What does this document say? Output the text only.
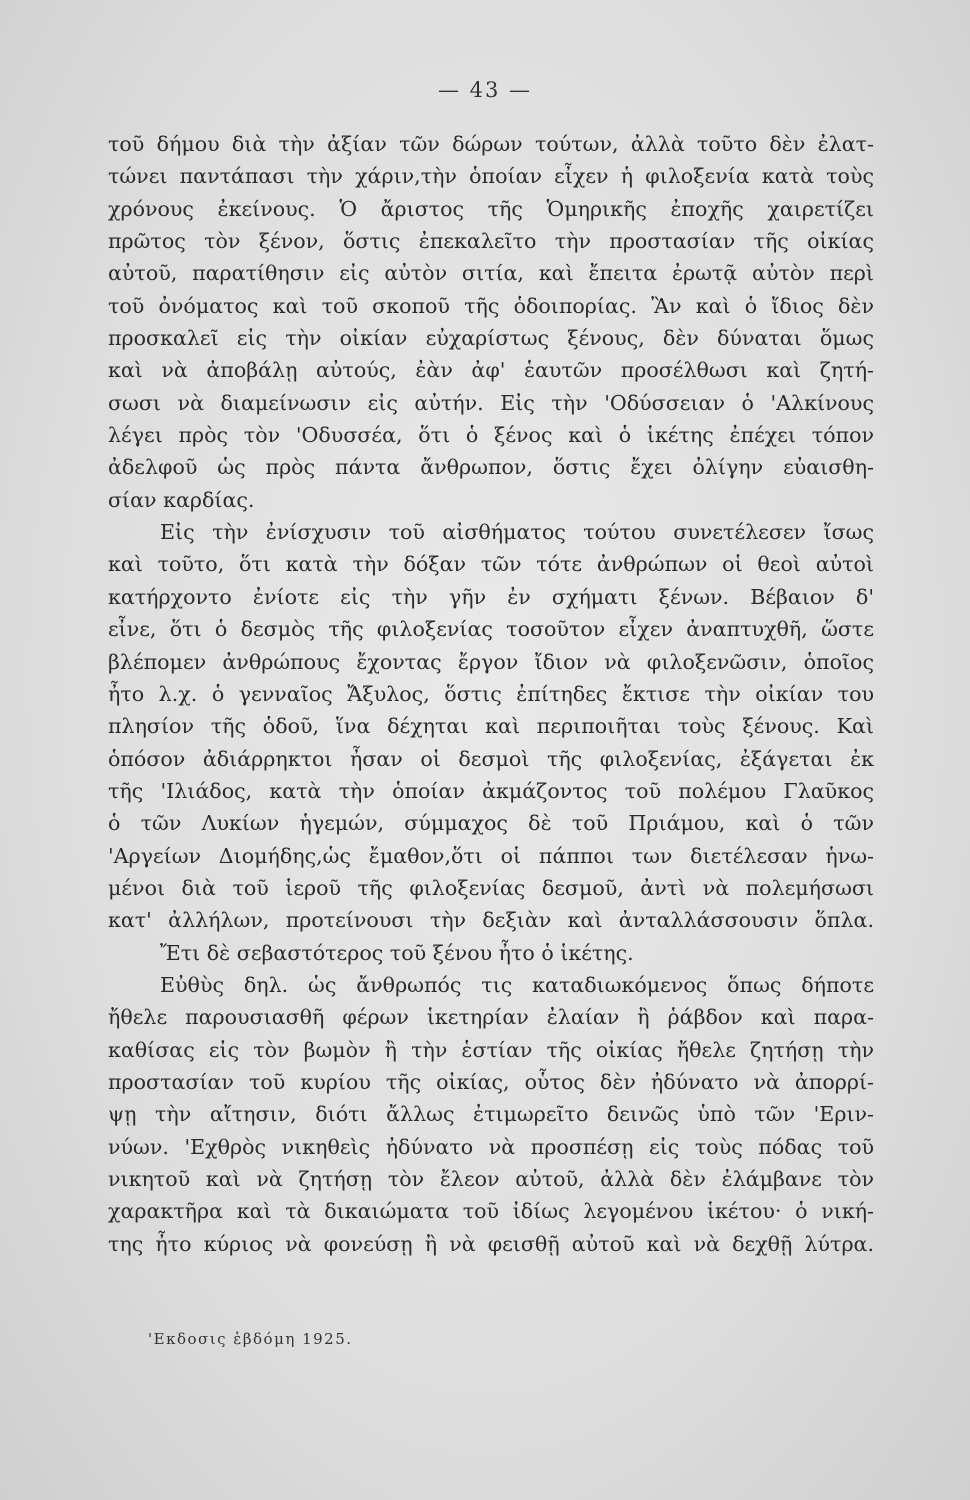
— 43 —
τοῦ δήμου διὰ τὴν ἀξίαν τῶν δώρων τούτων, ἀλλὰ τοῦτο δὲν ἐλατ-
τώνει παντάπασι τὴν χάριν,τὴν ὁποίαν εἶχεν ἡ φιλοξενία κατὰ τοὺς
χρόνους ἐκείνους. Ὁ ἄριστος τῆς Ὁμηρικῆς ἐποχῆς χαιρετίζει
πρῶτος τὸν ξένον, ὅστις ἐπεκαλεῖτο τὴν προστασίαν τῆς οἰκίας
αὐτοῦ, παρατίθησιν εἰς αὐτὸν σιτία, καὶ ἔπειτα ἐρωτᾷ αὐτὸν περὶ
τοῦ ὀνόματος καὶ τοῦ σκοποῦ τῆς ὁδοιπορίας. Ἂν καὶ ὁ ἴδιος δὲν
προσκαλεῖ εἰς τὴν οἰκίαν εὐχαρίστως ξένους, δὲν δύναται ὅμως
καὶ νὰ ἀποβάλῃ αὐτούς, ἐὰν ἀφ' ἑαυτῶν προσέλθωσι καὶ ζητή-
σωσι νὰ διαμείνωσιν εἰς αὐτήν. Εἰς τὴν 'Οδύσσειαν ὁ 'Αλκίνους
λέγει πρὸς τὸν 'Οδυσσέα, ὅτι ὁ ξένος καὶ ὁ ἱκέτης ἐπέχει τόπον
ἀδελφοῦ ὡς πρὸς πάντα ἄνθρωπον, ὅστις ἔχει ὀλίγην εὐαισθη-
σίαν καρδίας.
Εἰς τὴν ἐνίσχυσιν τοῦ αἰσθήματος τούτου συνετέλεσεν ἴσως
καὶ τοῦτο, ὅτι κατὰ τὴν δόξαν τῶν τότε ἀνθρώπων οἱ θεοὶ αὐτοὶ
κατήρχοντο ἐνίοτε εἰς τὴν γῆν ἐν σχήματι ξένων. Βέβαιον δ'
εἶνε, ὅτι ὁ δεσμὸς τῆς φιλοξενίας τοσοῦτον εἶχεν ἀναπτυχθῆ, ὥστε
βλέπομεν ἀνθρώπους ἔχοντας ἔργον ἴδιον νὰ φιλοξενῶσιν, ὁποῖος
ἦτο λ.χ. ὁ γενναῖος Ἄξυλος, ὅστις ἐπίτηδες ἔκτισε τὴν οἰκίαν του
πλησίον τῆς ὁδοῦ, ἵνα δέχηται καὶ περιποιῆται τοὺς ξένους. Καὶ
ὁπόσον ἀδιάρρηκτοι ἦσαν οἱ δεσμοὶ τῆς φιλοξενίας, ἐξάγεται ἐκ
τῆς 'Ιλιάδος, κατὰ τὴν ὁποίαν ἀκμάζοντος τοῦ πολέμου Γλαῦκος
ὁ τῶν Λυκίων ἡγεμών, σύμμαχος δὲ τοῦ Πριάμου, καὶ ὁ τῶν
'Αργείων Διομήδης,ὡς ἔμαθον,ὅτι οἱ πάπποι των διετέλεσαν ἡνω-
μένοι διὰ τοῦ ἱεροῦ τῆς φιλοξενίας δεσμοῦ, ἀντὶ νὰ πολεμήσωσι
κατ' ἀλλήλων, προτείνουσι τὴν δεξιὰν καὶ ἀνταλλάσσουσιν ὅπλα.
Ἔτι δὲ σεβαστότερος τοῦ ξένου ἦτο ὁ ἱκέτης.
Εὐθὺς δηλ. ὡς ἄνθρωπός τις καταδιωκόμενος ὅπως δήποτε
ἤθελε παρουσιασθῆ φέρων ἱκετηρίαν ἐλαίαν ἢ ῥάβδον καὶ παρα-
καθίσας εἰς τὸν βωμὸν ἢ τὴν ἑστίαν τῆς οἰκίας ἤθελε ζητήσῃ τὴν
προστασίαν τοῦ κυρίου τῆς οἰκίας, οὗτος δὲν ἠδύνατο νὰ ἀπορρί-
ψῃ τὴν αἴτησιν, διότι ἄλλως ἐτιμωρεῖτο δεινῶς ὑπὸ τῶν 'Εριν-
νύων. 'Εχθρὸς νικηθεὶς ἠδύνατο νὰ προσπέσῃ εἰς τοὺς πόδας τοῦ
νικητοῦ καὶ νὰ ζητήσῃ τὸν ἔλεον αὐτοῦ, ἀλλὰ δὲν ἐλάμβανε τὸν
χαρακτῆρα καὶ τὰ δικαιώματα τοῦ ἰδίως λεγομένου ἱκέτου· ὁ νική-
της ἦτο κύριος νὰ φονεύσῃ ἢ νὰ φεισθῇ αὐτοῦ καὶ νὰ δεχθῇ λύτρα.
'Εκδοσις ἑβδόμη 1925.
